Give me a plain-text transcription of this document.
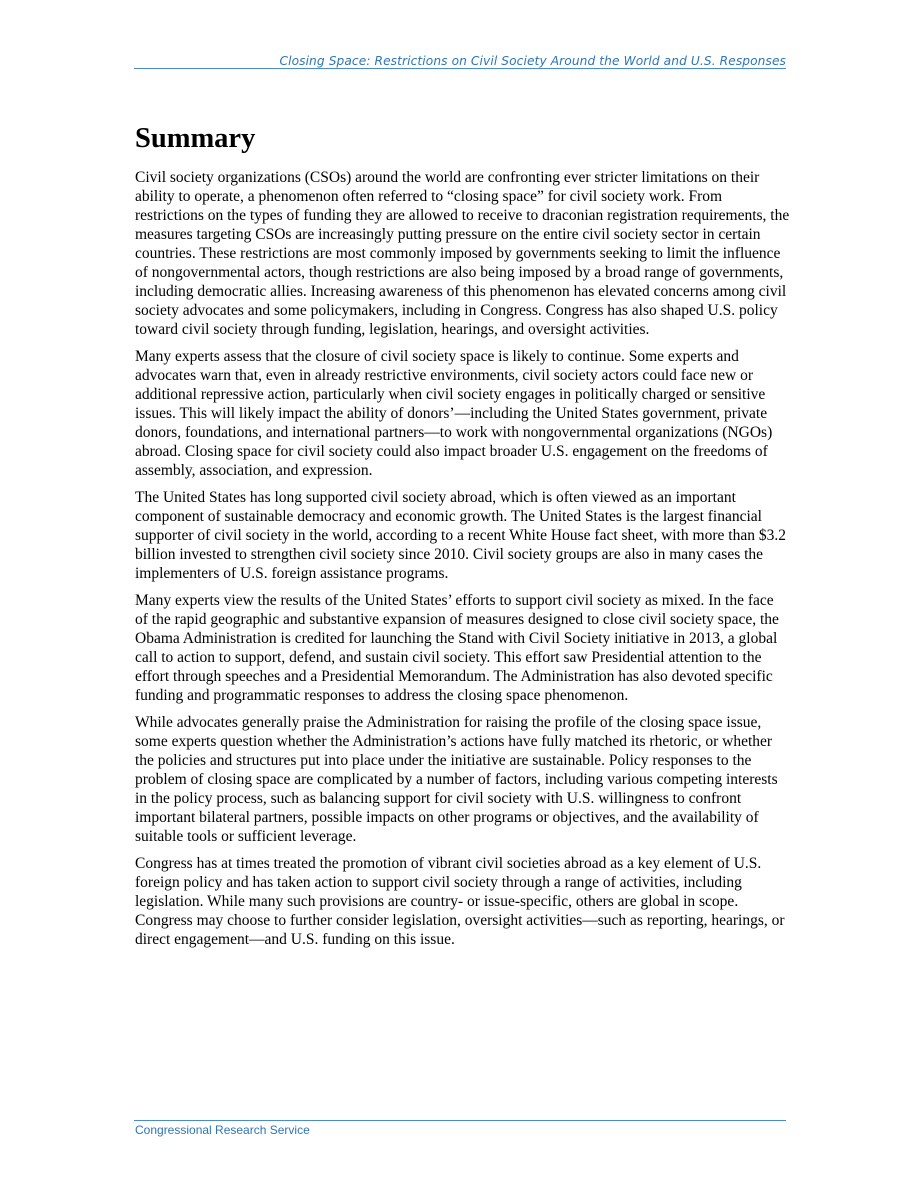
Closing Space: Restrictions on Civil Society Around the World and U.S. Responses
Summary

Civil society organizations (CSOs) around the world are confronting ever stricter limitations on their ability to operate, a phenomenon often referred to “closing space” for civil society work. From restrictions on the types of funding they are allowed to receive to draconian registration requirements, the measures targeting CSOs are increasingly putting pressure on the entire civil society sector in certain countries. These restrictions are most commonly imposed by governments seeking to limit the influence of nongovernmental actors, though restrictions are also being imposed by a broad range of governments, including democratic allies. Increasing awareness of this phenomenon has elevated concerns among civil society advocates and some policymakers, including in Congress. Congress has also shaped U.S. policy toward civil society through funding, legislation, hearings, and oversight activities.

Many experts assess that the closure of civil society space is likely to continue. Some experts and advocates warn that, even in already restrictive environments, civil society actors could face new or additional repressive action, particularly when civil society engages in politically charged or sensitive issues. This will likely impact the ability of donors’—including the United States government, private donors, foundations, and international partners—to work with nongovernmental organizations (NGOs) abroad. Closing space for civil society could also impact broader U.S. engagement on the freedoms of assembly, association, and expression.

The United States has long supported civil society abroad, which is often viewed as an important component of sustainable democracy and economic growth. The United States is the largest financial supporter of civil society in the world, according to a recent White House fact sheet, with more than $3.2 billion invested to strengthen civil society since 2010. Civil society groups are also in many cases the implementers of U.S. foreign assistance programs.

Many experts view the results of the United States’ efforts to support civil society as mixed. In the face of the rapid geographic and substantive expansion of measures designed to close civil society space, the Obama Administration is credited for launching the Stand with Civil Society initiative in 2013, a global call to action to support, defend, and sustain civil society. This effort saw Presidential attention to the effort through speeches and a Presidential Memorandum. The Administration has also devoted specific funding and programmatic responses to address the closing space phenomenon.

While advocates generally praise the Administration for raising the profile of the closing space issue, some experts question whether the Administration’s actions have fully matched its rhetoric, or whether the policies and structures put into place under the initiative are sustainable. Policy responses to the problem of closing space are complicated by a number of factors, including various competing interests in the policy process, such as balancing support for civil society with U.S. willingness to confront important bilateral partners, possible impacts on other programs or objectives, and the availability of suitable tools or sufficient leverage.

Congress has at times treated the promotion of vibrant civil societies abroad as a key element of U.S. foreign policy and has taken action to support civil society through a range of activities, including legislation. While many such provisions are country- or issue-specific, others are global in scope. Congress may choose to further consider legislation, oversight activities—such as reporting, hearings, or direct engagement—and U.S. funding on this issue.

Congressional Research Service
